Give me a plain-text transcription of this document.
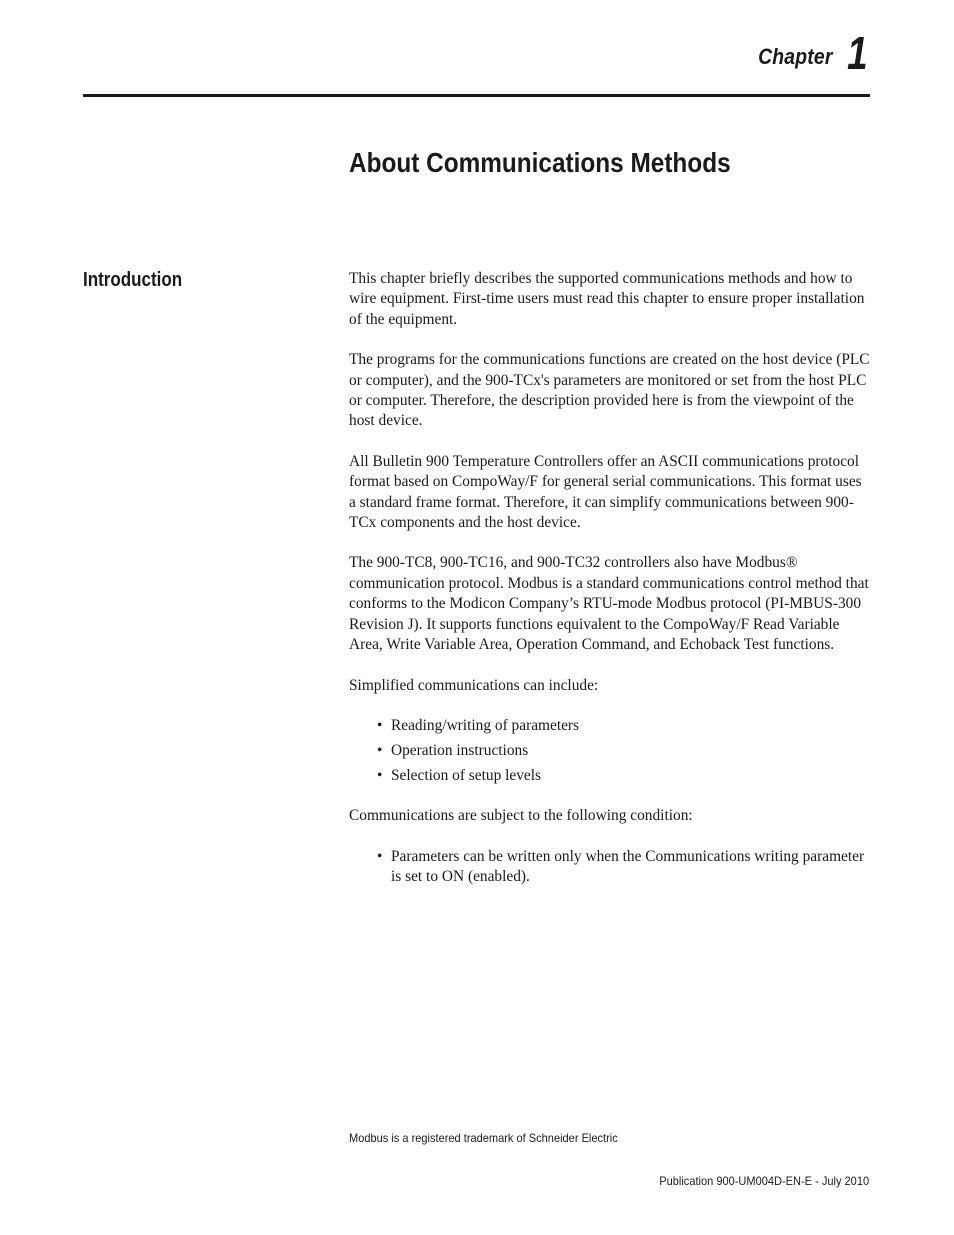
Chapter 1
About Communications Methods
Introduction	This chapter briefly describes the supported communications methods and how to wire equipment. First-time users must read this chapter to ensure proper installation of the equipment.

The programs for the communications functions are created on the host device (PLC or computer), and the 900-TCx's parameters are monitored or set from the host PLC or computer. Therefore, the description provided here is from the viewpoint of the host device.

All Bulletin 900 Temperature Controllers offer an ASCII communications protocol format based on CompoWay/F for general serial communications. This format uses a standard frame format. Therefore, it can simplify communications between 900-TCx components and the host device.

The 900-TC8, 900-TC16, and 900-TC32 controllers also have Modbus® communication protocol. Modbus is a standard communications control method that conforms to the Modicon Company’s RTU-mode Modbus protocol (PI-MBUS-300 Revision J). It supports functions equivalent to the CompoWay/F Read Variable Area, Write Variable Area, Operation Command, and Echoback Test functions.

Simplified communications can include:

• Reading/writing of parameters
• Operation instructions
• Selection of setup levels

Communications are subject to the following condition:

• Parameters can be written only when the Communications writing parameter is set to ON (enabled).
Modbus is a registered trademark of Schneider Electric
Publication 900-UM004D-EN-E - July 2010
